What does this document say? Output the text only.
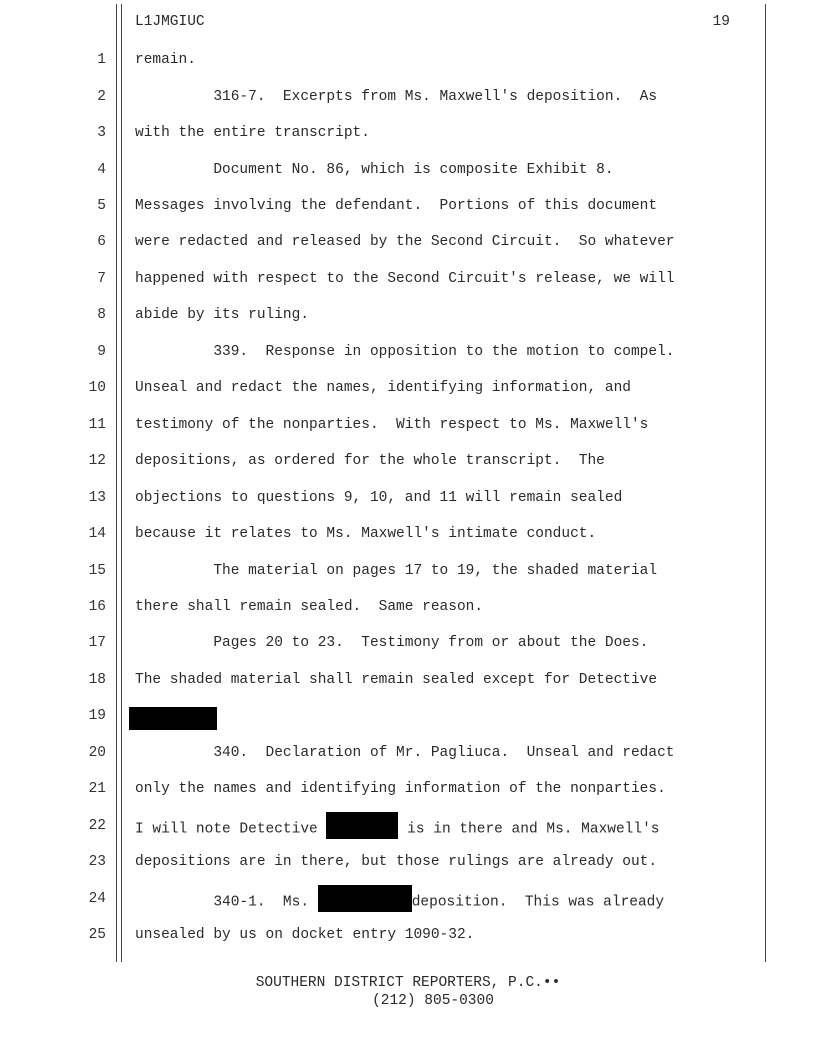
L1JMGIUC	19
1 remain.
2 316-7.  Excerpts from Ms. Maxwell's deposition.  As
3 with the entire transcript.
4 Document No. 86, which is composite Exhibit 8.
5 Messages involving the defendant.  Portions of this document
6 were redacted and released by the Second Circuit.  So whatever
7 happened with respect to the Second Circuit's release, we will
8 abide by its ruling.
9 339.  Response in opposition to the motion to compel.
10 Unseal and redact the names, identifying information, and
11 testimony of the nonparties.  With respect to Ms. Maxwell's
12 depositions, as ordered for the whole transcript.  The
13 objections to questions 9, 10, and 11 will remain sealed
14 because it relates to Ms. Maxwell's intimate conduct.
15 The material on pages 17 to 19, the shaded material
16 there shall remain sealed.  Same reason.
17 Pages 20 to 23.  Testimony from or about the Does.
18 The shaded material shall remain sealed except for Detective
19
20 340.  Declaration of Mr. Pagliuca.  Unseal and redact
21 only the names and identifying information of the nonparties.
22 I will note Detective	is in there and Ms. Maxwell's
23 depositions are in there, but those rulings are already out.
24 340-1.  Ms.	deposition.  This was already
25 unsealed by us on docket entry 1090-32.
SOUTHERN DISTRICT REPORTERS, P.C.••
(212) 805-0300
